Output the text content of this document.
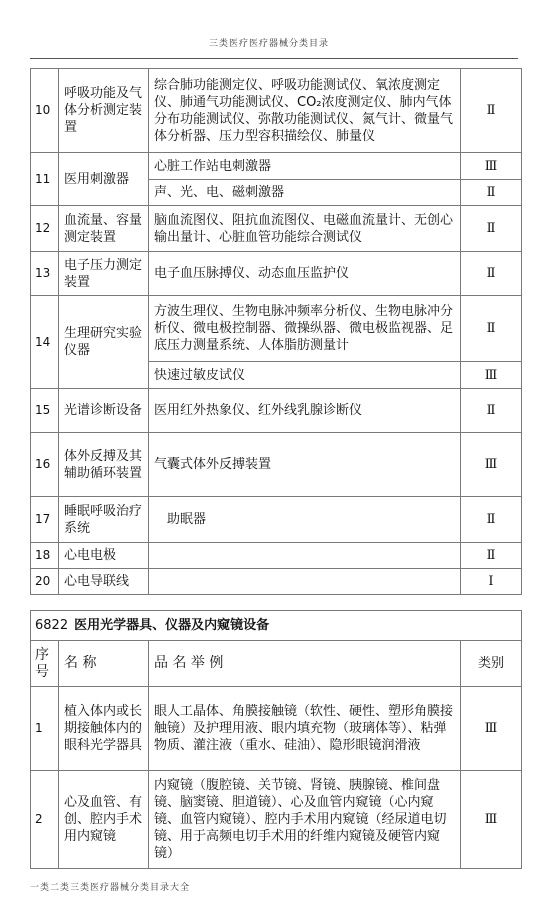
三类医疗医疗器械分类目录
10	呼吸功能及气体分析测定装置	综合肺功能测定仪、呼吸功能测试仪、氧浓度测定仪、肺通气功能测试仪、CO₂浓度测定仪、肺内气体分布功能测试仪、弥散功能测试仪、氮气计、微量气体分析器、压力型容积描绘仪、肺量仪	Ⅱ
11	医用刺激器	心脏工作站电刺激器	Ⅲ
		声、光、电、磁刺激器	Ⅱ
12	血流量、容量测定装置	脑血流图仪、阻抗血流图仪、电磁血流量计、无创心输出量计、心脏血管功能综合测试仪	Ⅱ
13	电子压力测定装置	电子血压脉搏仪、动态血压监护仪	Ⅱ
14	生理研究实验仪器	方波生理仪、生物电脉冲频率分析仪、生物电脉冲分析仪、微电极控制器、微操纵器、微电极监视器、足底压力测量系统、人体脂肪测量计	Ⅱ
		快速过敏皮试仪	Ⅲ
15	光谱诊断设备	医用红外热象仪、红外线乳腺诊断仪	Ⅱ
16	体外反搏及其辅助循环装置	气囊式体外反搏装置	Ⅲ
17	睡眠呼吸治疗系统	助眠器	Ⅱ
18	心电电极		Ⅱ
20	心电导联线		Ⅰ
6822 医用光学器具、仪器及内窥镜设备			
序号	名 称	品 名 举 例	类别
1	植入体内或长期接触体内的眼科光学器具	眼人工晶体、角膜接触镜（软性、硬性、塑形角膜接触镜）及护理用液、眼内填充物（玻璃体等）、粘弹物质、灌注液（重水、硅油）、隐形眼镜润滑液	Ⅲ
2	心及血管、有创、腔内手术用内窥镜	内窥镜（腹腔镜、关节镜、肾镜、胰腺镜、椎间盘镜、脑窦镜、胆道镜）、心及血管内窥镜（心内窥镜、血管内窥镜）、腔内手术用内窥镜（经尿道电切镜、用于高频电切手术用的纤维内窥镜及硬管内窥镜）	Ⅲ
一类二类三类医疗器械分类目录大全
